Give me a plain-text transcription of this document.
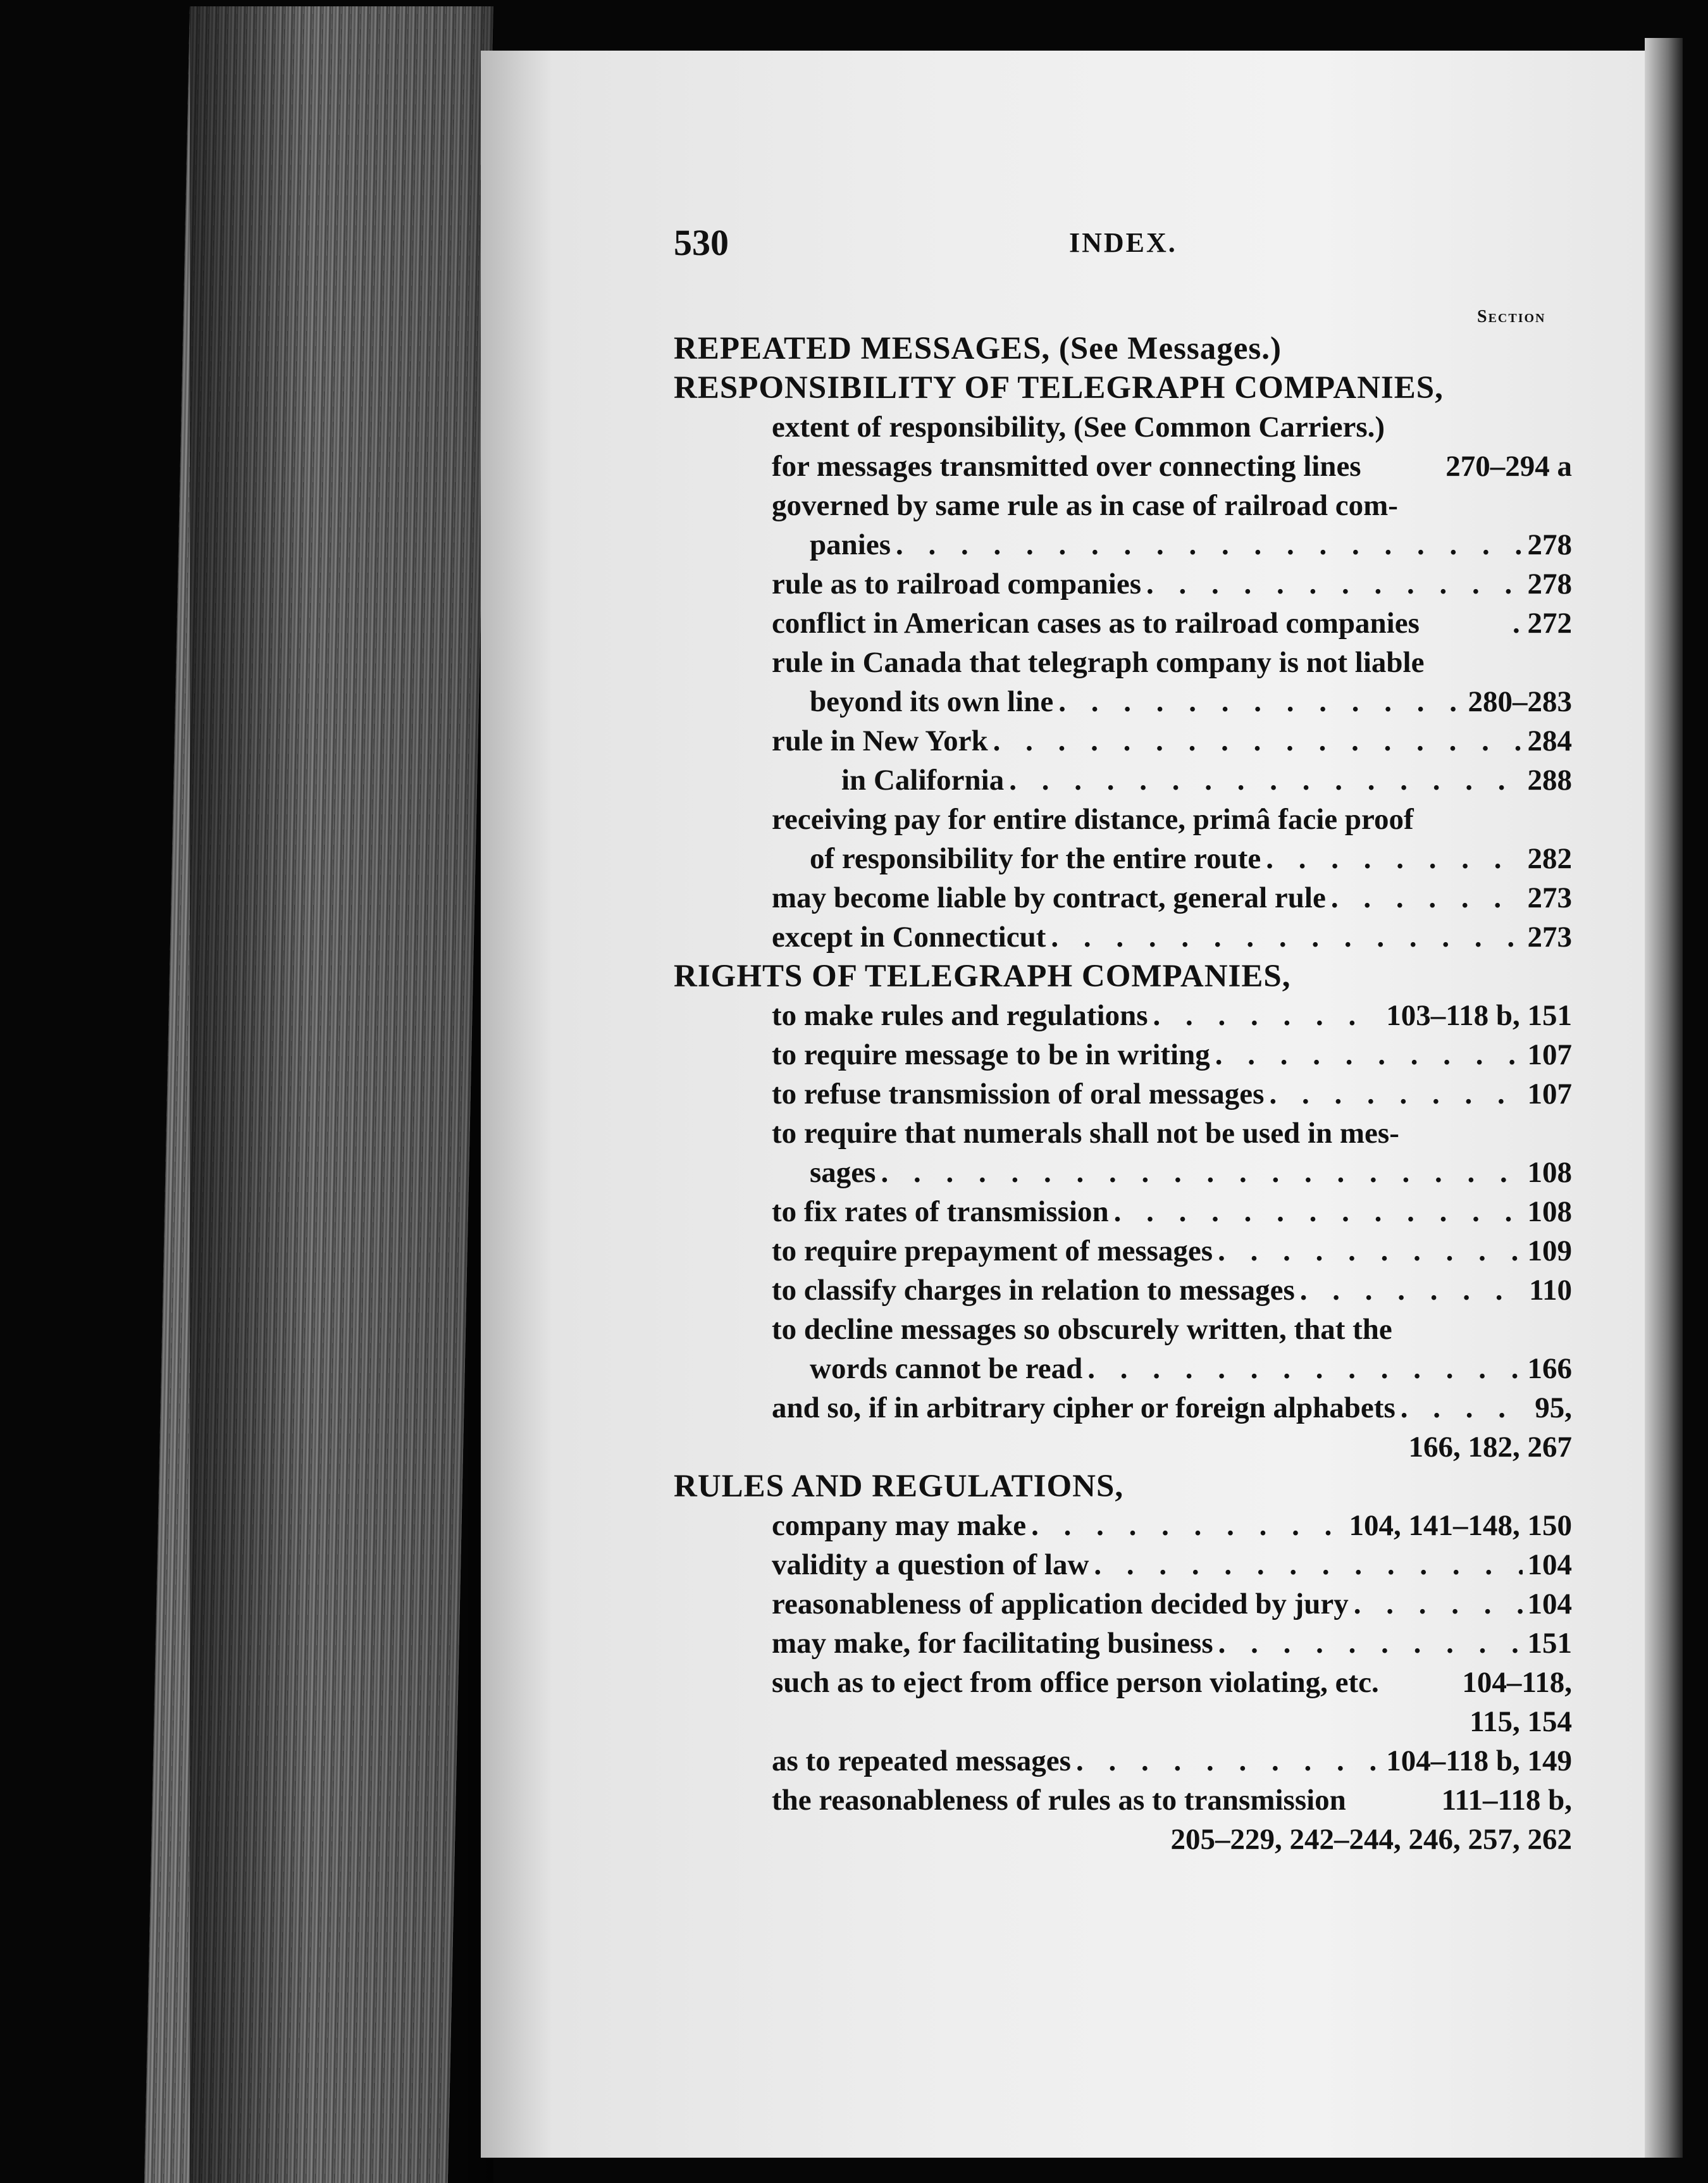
530	INDEX.
Section
REPEATED MESSAGES, (See Messages.)
RESPONSIBILITY OF TELEGRAPH COMPANIES,
extent of responsibility, (See Common Carriers.)
for messages transmitted over connecting lines	270–294 a
governed by same rule as in case of railroad com-
panies . . .	278
rule as to railroad companies . . .	278
conflict in American cases as to railroad companies	. 272
rule in Canada that telegraph company is not liable
beyond its own line . . .	280–283
rule in New York . . .	284
in California . . .	288
receiving pay for entire distance, primâ facie proof
of responsibility for the entire route . . .	282
may become liable by contract, general rule . . .	273
except in Connecticut . . .	273
RIGHTS OF TELEGRAPH COMPANIES,
to make rules and regulations . . .	103–118 b, 151
to require message to be in writing . . .	107
to refuse transmission of oral messages . . .	107
to require that numerals shall not be used in mes-
sages . . .	108
to fix rates of transmission . . .	108
to require prepayment of messages . . .	109
to classify charges in relation to messages . . .	110
to decline messages so obscurely written, that the
words cannot be read . . .	166
and so, if in arbitrary cipher or foreign alphabets . . .	95,
166, 182, 267
RULES AND REGULATIONS,
company may make . . .	104, 141–148, 150
validity a question of law . . .	104
reasonableness of application decided by jury . . .	104
may make, for facilitating business . . .	151
such as to eject from office person violating, etc.	104–118,
115, 154
as to repeated messages . . .	104–118 b, 149
the reasonableness of rules as to transmission	111–118 b,
205–229, 242–244, 246, 257, 262
